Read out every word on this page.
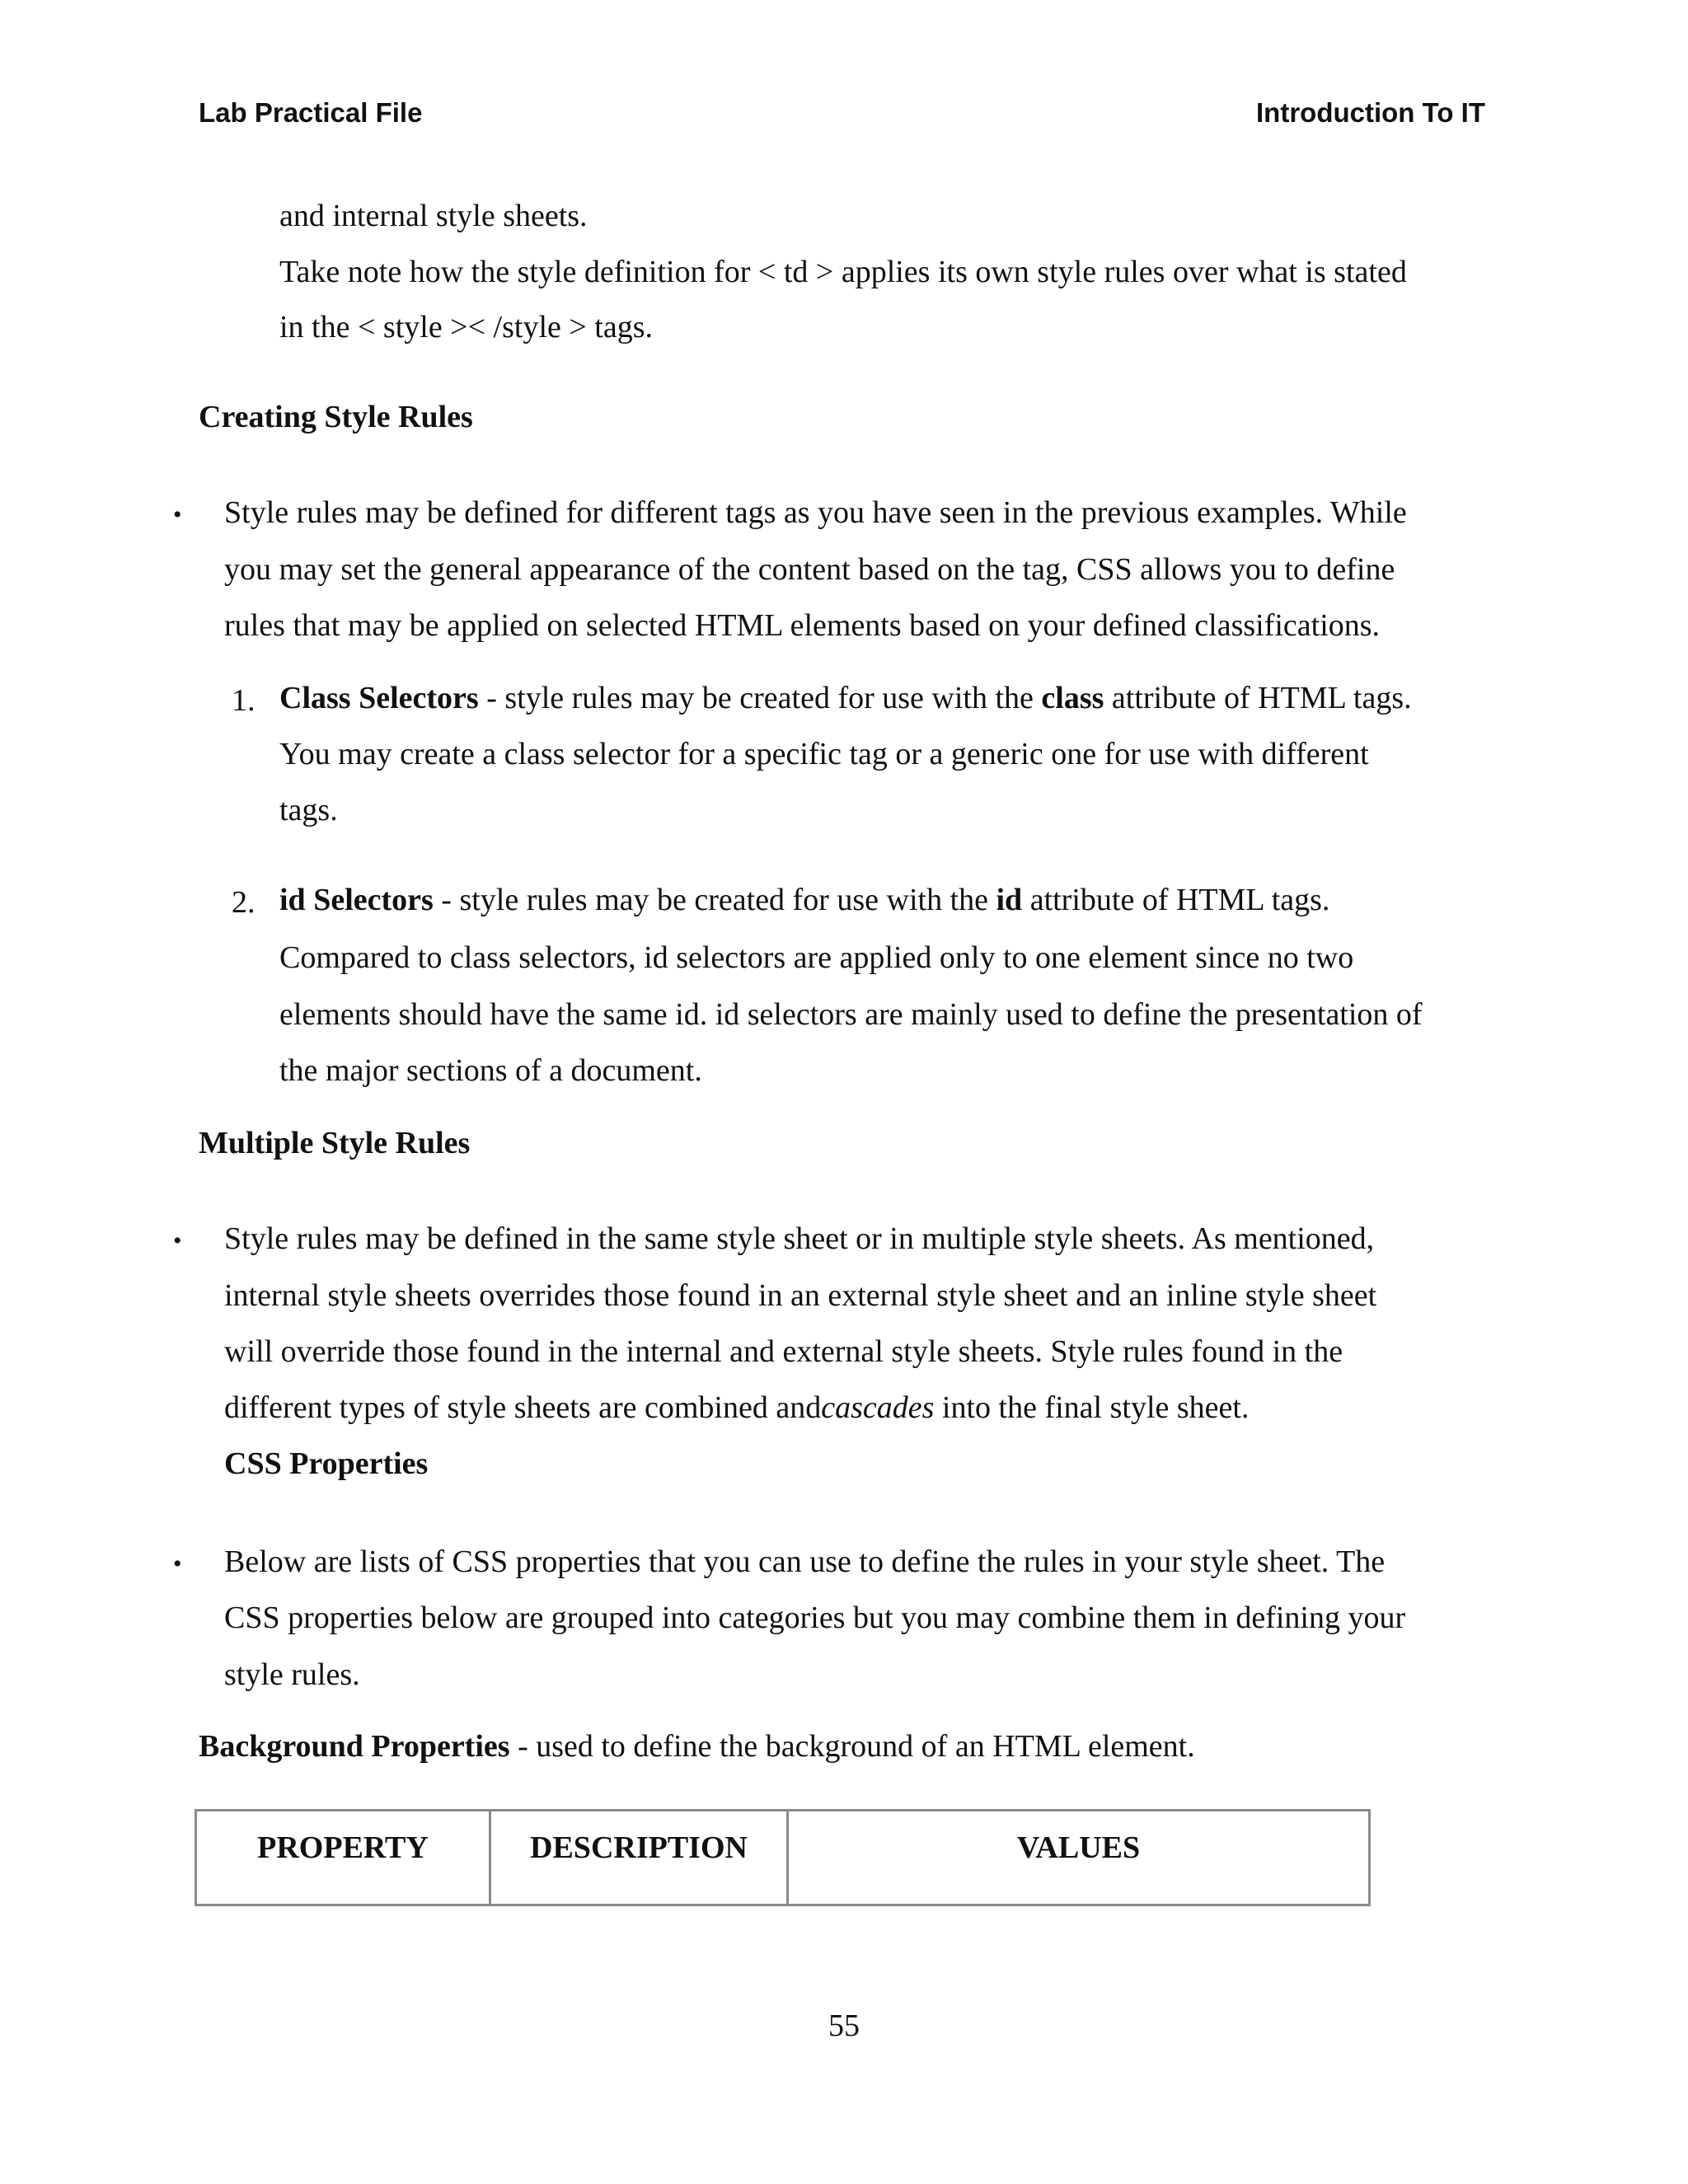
Lab Practical File	Introduction To IT
and internal style sheets.
Take note how the style definition for < td > applies its own style rules over what is stated
in the < style >< /style > tags.
Creating Style Rules
• Style rules may be defined for different tags as you have seen in the previous examples. While
you may set the general appearance of the content based on the tag, CSS allows you to define
rules that may be applied on selected HTML elements based on your defined classifications.
1. Class Selectors - style rules may be created for use with the class attribute of HTML tags.
You may create a class selector for a specific tag or a generic one for use with different
tags.
2. id Selectors - style rules may be created for use with the id attribute of HTML tags.
Compared to class selectors, id selectors are applied only to one element since no two
elements should have the same id. id selectors are mainly used to define the presentation of
the major sections of a document.
Multiple Style Rules
• Style rules may be defined in the same style sheet or in multiple style sheets. As mentioned,
internal style sheets overrides those found in an external style sheet and an inline style sheet
will override those found in the internal and external style sheets. Style rules found in the
different types of style sheets are combined andcascades into the final style sheet.
CSS Properties
• Below are lists of CSS properties that you can use to define the rules in your style sheet. The
CSS properties below are grouped into categories but you may combine them in defining your
style rules.
Background Properties - used to define the background of an HTML element.
PROPERTY	DESCRIPTION	VALUES
55
